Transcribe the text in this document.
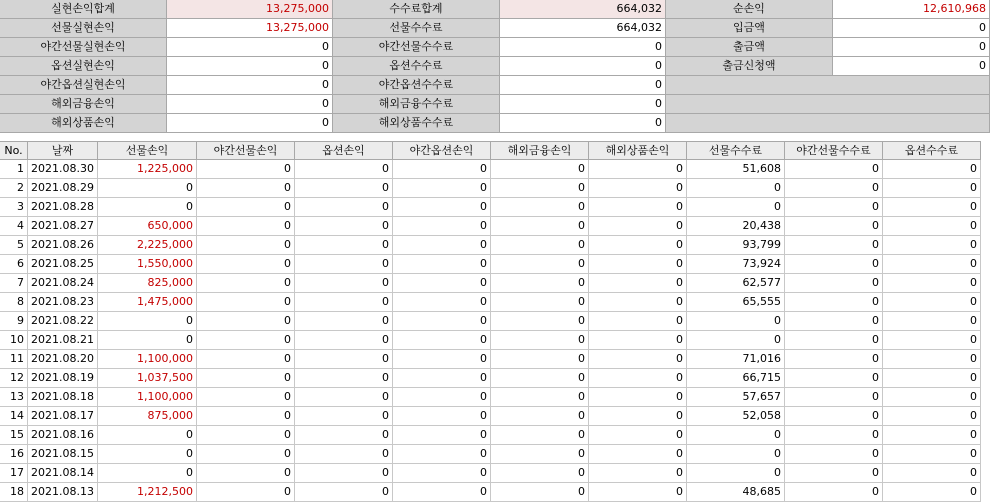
실현손익합계	13,275,000	수수료합계	664,032	순손익	12,610,968
선물실현손익	13,275,000	선물수수료	664,032	입금액	0
야간선물실현손익	0	야간선물수수료	0	출금액	0
옵션실현손익	0	옵션수수료	0	출금신청액	0
야간옵션실현손익	0	야간옵션수수료	0
해외금융손익	0	해외금융수수료	0
해외상품손익	0	해외상품수수료	0
No.	날짜	선물손익	야간선물손익	옵션손익	야간옵션손익	해외금융손익	해외상품손익	선물수수료	야간선물수수료	옵션수수료
1 2021.08.30	1,225,000	0	0	0	0	0	51,608	0	0
2 2021.08.29	0	0	0	0	0	0	0	0	0
3 2021.08.28	0	0	0	0	0	0	0	0	0
4 2021.08.27	650,000	0	0	0	0	0	20,438	0	0
5 2021.08.26	2,225,000	0	0	0	0	0	93,799	0	0
6 2021.08.25	1,550,000	0	0	0	0	0	73,924	0	0
7 2021.08.24	825,000	0	0	0	0	0	62,577	0	0
8 2021.08.23	1,475,000	0	0	0	0	0	65,555	0	0
9 2021.08.22	0	0	0	0	0	0	0	0	0
10 2021.08.21	0	0	0	0	0	0	0	0	0
11 2021.08.20	1,100,000	0	0	0	0	0	71,016	0	0
12 2021.08.19	1,037,500	0	0	0	0	0	66,715	0	0
13 2021.08.18	1,100,000	0	0	0	0	0	57,657	0	0
14 2021.08.17	875,000	0	0	0	0	0	52,058	0	0
15 2021.08.16	0	0	0	0	0	0	0	0	0
16 2021.08.15	0	0	0	0	0	0	0	0	0
17 2021.08.14	0	0	0	0	0	0	0	0	0
18 2021.08.13	1,212,500	0	0	0	0	0	48,685	0	0
